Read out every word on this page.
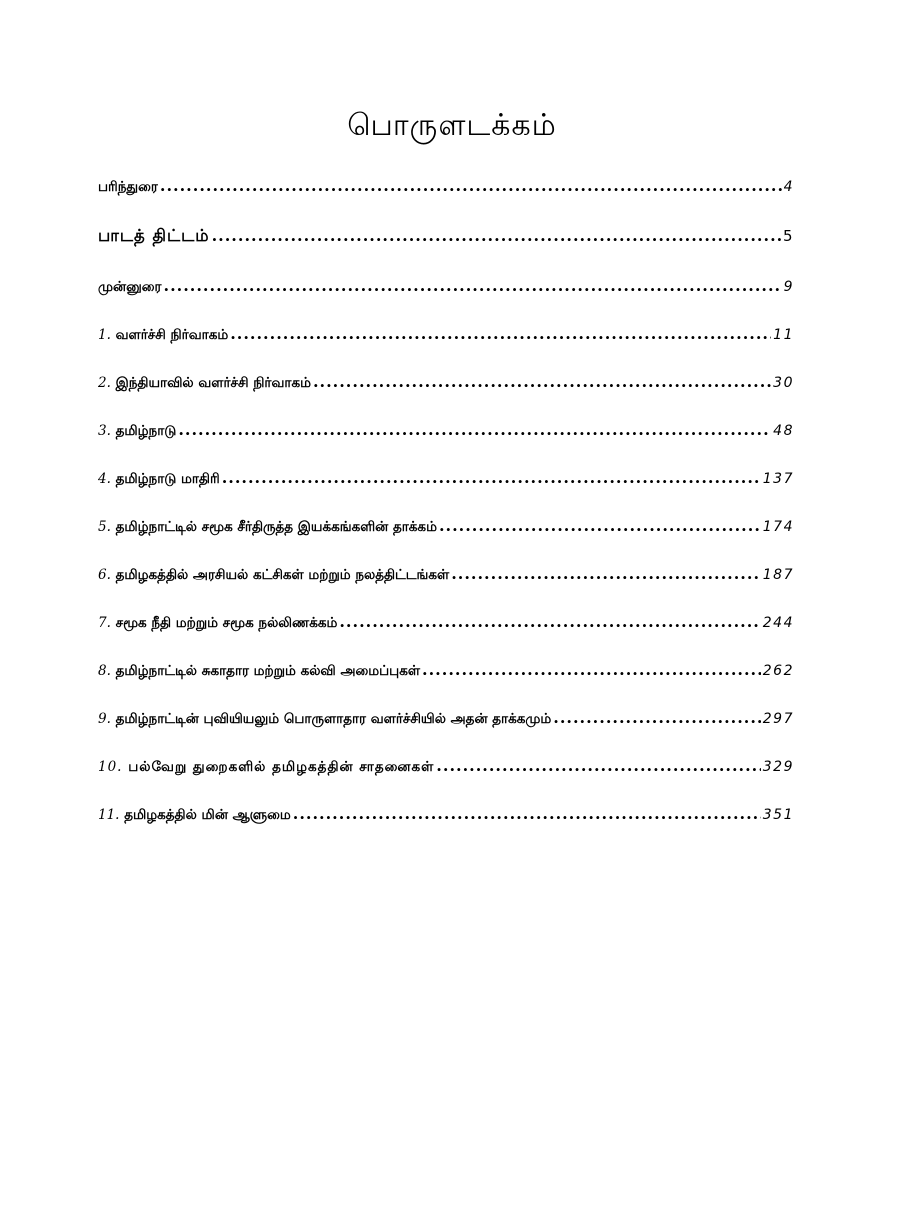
பொருளடக்கம்
பரிந்துரை .....	4
பாடத் திட்டம் .....	5
முன்னுரை .....	9
1. வளர்ச்சி நிர்வாகம் .....	11
2. இந்தியாவில் வளர்ச்சி நிர்வாகம் .....	30
3. தமிழ்நாடு .....	48
4. தமிழ்நாடு மாதிரி .....	137
5. தமிழ்நாட்டில் சமூக சீர்திருத்த இயக்கங்களின் தாக்கம் .....	174
6. தமிழகத்தில் அரசியல் கட்சிகள் மற்றும் நலத்திட்டங்கள் .....	187
7. சமூக நீதி மற்றும் சமூக நல்லிணக்கம் .....	244
8. தமிழ்நாட்டில் சுகாதார மற்றும் கல்வி அமைப்புகள் .....	262
9. தமிழ்நாட்டின் புவியியலும் பொருளாதார வளர்ச்சியில் அதன் தாக்கமும் .....	297
10. பல்வேறு துறைகளில் தமிழகத்தின் சாதனைகள் .....	329
11. தமிழகத்தில் மின் ஆளுமை .....	351
